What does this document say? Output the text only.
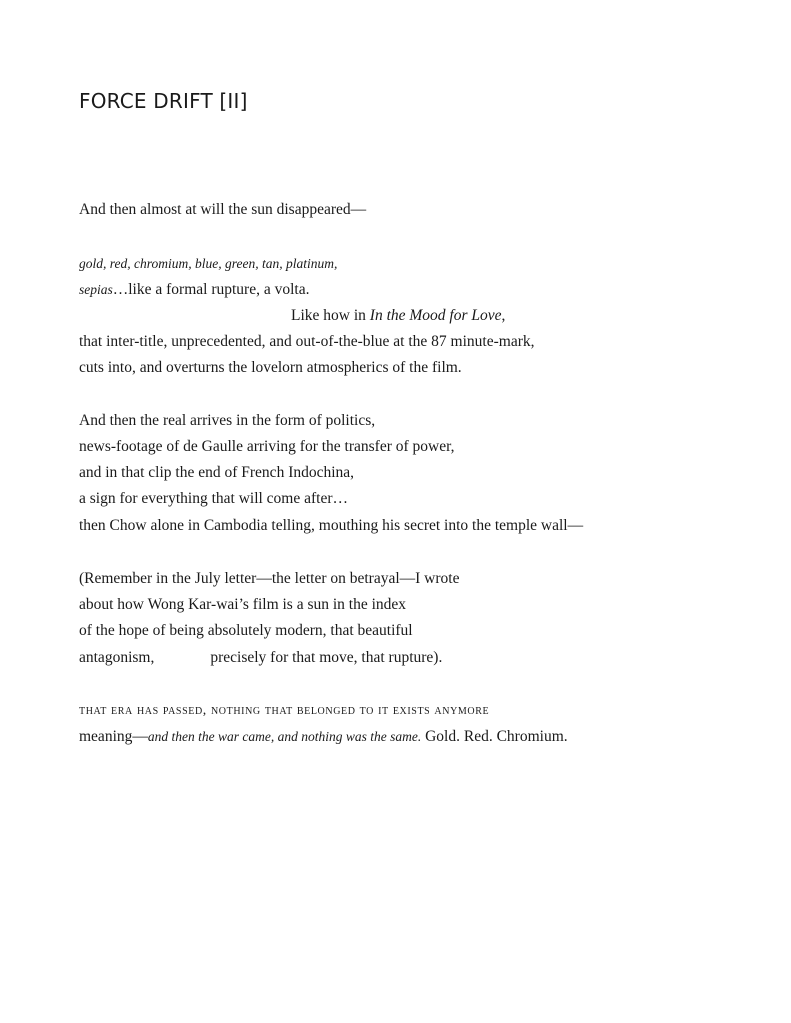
FORCE DRIFT [II]

And then almost at will the sun disappeared—

gold, red, chromium, blue, green, tan, platinum,

sepias…like a formal rupture, a volta.

Like how in In the Mood for Love,

that inter-title, unprecedented, and out-of-the-blue at the 87 minute-mark,

cuts into, and overturns the lovelorn atmospherics of the film.

And then the real arrives in the form of politics,

news-footage of de Gaulle arriving for the transfer of power,

and in that clip the end of French Indochina,

a sign for everything that will come after…

then Chow alone in Cambodia telling, mouthing his secret into the temple wall—

(Remember in the July letter—the letter on betrayal—I wrote

about how Wong Kar-wai’s film is a sun in the index

of the hope of being absolutely modern, that beautiful

antagonism,	precisely for that move, that rupture).

that era has passed, nothing that belonged to it exists anymore

meaning—and then the war came, and nothing was the same. Gold. Red. Chromium.
